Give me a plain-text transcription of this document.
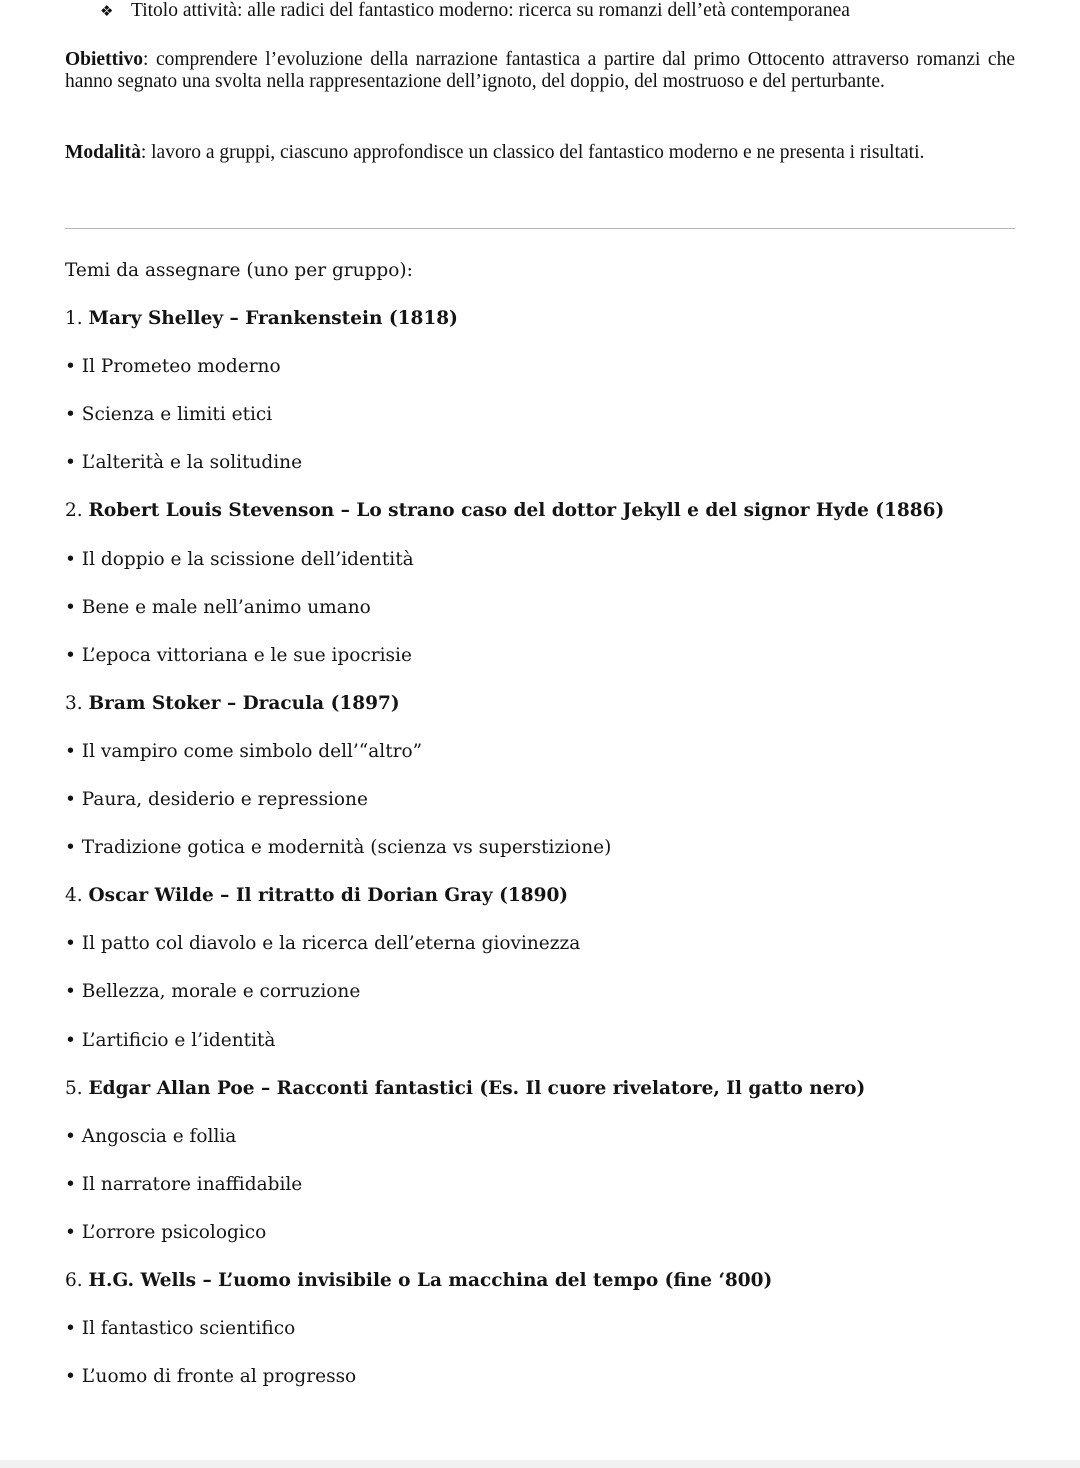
❖ Titolo attività: alle radici del fantastico moderno: ricerca su romanzi dell’età contemporanea
Obiettivo: comprendere l’evoluzione della narrazione fantastica a partire dal primo Ottocento attraverso romanzi che hanno segnato una svolta nella rappresentazione dell’ignoto, del doppio, del mostruoso e del perturbante.
Modalità: lavoro a gruppi, ciascuno approfondisce un classico del fantastico moderno e ne presenta i risultati.
Temi da assegnare (uno per gruppo):
1. Mary Shelley – Frankenstein (1818)
• Il Prometeo moderno
• Scienza e limiti etici
• L’alterità e la solitudine
2. Robert Louis Stevenson – Lo strano caso del dottor Jekyll e del signor Hyde (1886)
• Il doppio e la scissione dell’identità
• Bene e male nell’animo umano
• L’epoca vittoriana e le sue ipocrisie
3. Bram Stoker – Dracula (1897)
• Il vampiro come simbolo dell’“altro”
• Paura, desiderio e repressione
• Tradizione gotica e modernità (scienza vs superstizione)
4. Oscar Wilde – Il ritratto di Dorian Gray (1890)
• Il patto col diavolo e la ricerca dell’eterna giovinezza
• Bellezza, morale e corruzione
• L’artificio e l’identità
5. Edgar Allan Poe – Racconti fantastici (Es. Il cuore rivelatore, Il gatto nero)
• Angoscia e follia
• Il narratore inaffidabile
• L’orrore psicologico
6. H.G. Wells – L’uomo invisibile o La macchina del tempo (fine ‘800)
• Il fantastico scientifico
• L’uomo di fronte al progresso
